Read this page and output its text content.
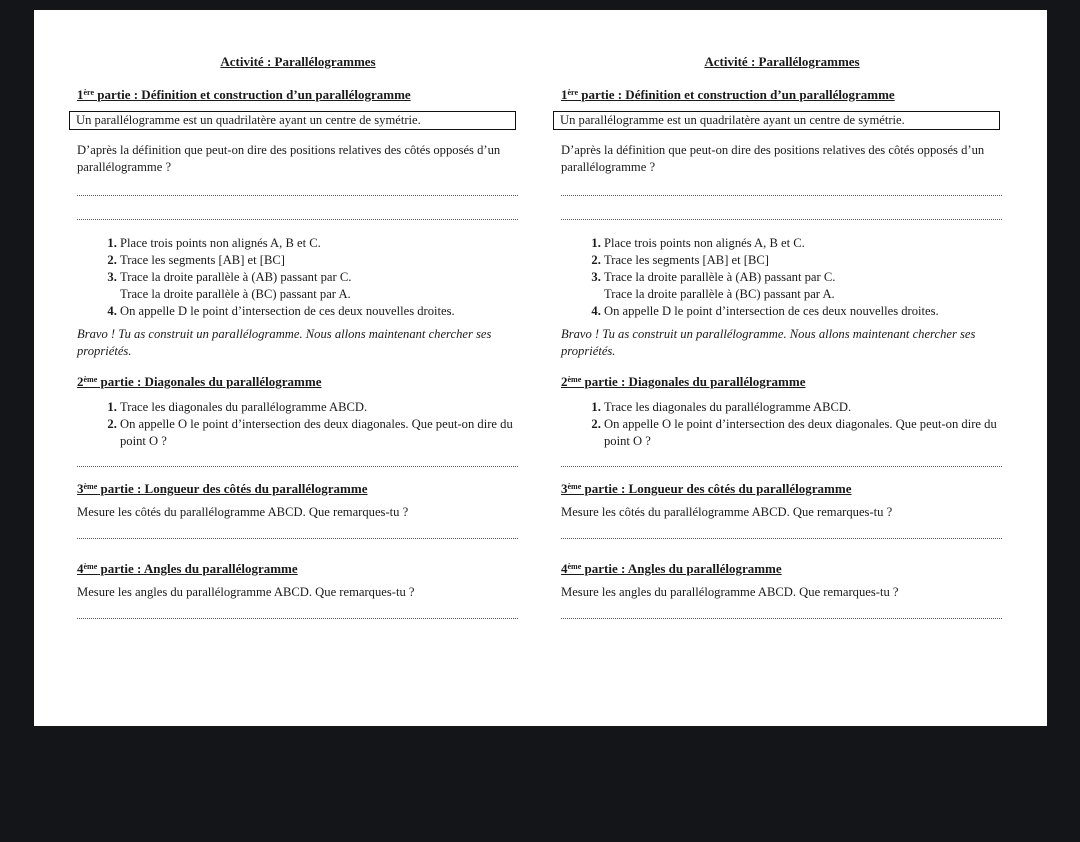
Activité : Parallélogrammes
1ère partie : Définition et construction d’un parallélogramme
Un parallélogramme est un quadrilatère ayant un centre de symétrie.
D’après la définition que peut-on dire des positions relatives des côtés opposés d’un parallélogramme ?
1. Place trois points non alignés A, B et C.
2. Trace les segments [AB] et [BC]
3. Trace la droite parallèle à (AB) passant par C.
Trace la droite parallèle à (BC) passant par A.
4. On appelle D le point d’intersection de ces deux nouvelles droites.
Bravo ! Tu as construit un parallélogramme. Nous allons maintenant chercher ses propriétés.
2ème partie : Diagonales du parallélogramme
1. Trace les diagonales du parallélogramme ABCD.
2. On appelle O le point d’intersection des deux diagonales. Que peut-on dire du point O ?
3ème partie : Longueur des côtés du parallélogramme
Mesure les côtés du parallélogramme ABCD. Que remarques-tu ?
4ème partie : Angles du parallélogramme
Mesure les angles du parallélogramme ABCD. Que remarques-tu ?
Activité : Parallélogrammes
1ère partie : Définition et construction d’un parallélogramme
Un parallélogramme est un quadrilatère ayant un centre de symétrie.
D’après la définition que peut-on dire des positions relatives des côtés opposés d’un parallélogramme ?
1. Place trois points non alignés A, B et C.
2. Trace les segments [AB] et [BC]
3. Trace la droite parallèle à (AB) passant par C.
Trace la droite parallèle à (BC) passant par A.
4. On appelle D le point d’intersection de ces deux nouvelles droites.
Bravo ! Tu as construit un parallélogramme. Nous allons maintenant chercher ses propriétés.
2ème partie : Diagonales du parallélogramme
1. Trace les diagonales du parallélogramme ABCD.
2. On appelle O le point d’intersection des deux diagonales. Que peut-on dire du point O ?
3ème partie : Longueur des côtés du parallélogramme
Mesure les côtés du parallélogramme ABCD. Que remarques-tu ?
4ème partie : Angles du parallélogramme
Mesure les angles du parallélogramme ABCD. Que remarques-tu ?
